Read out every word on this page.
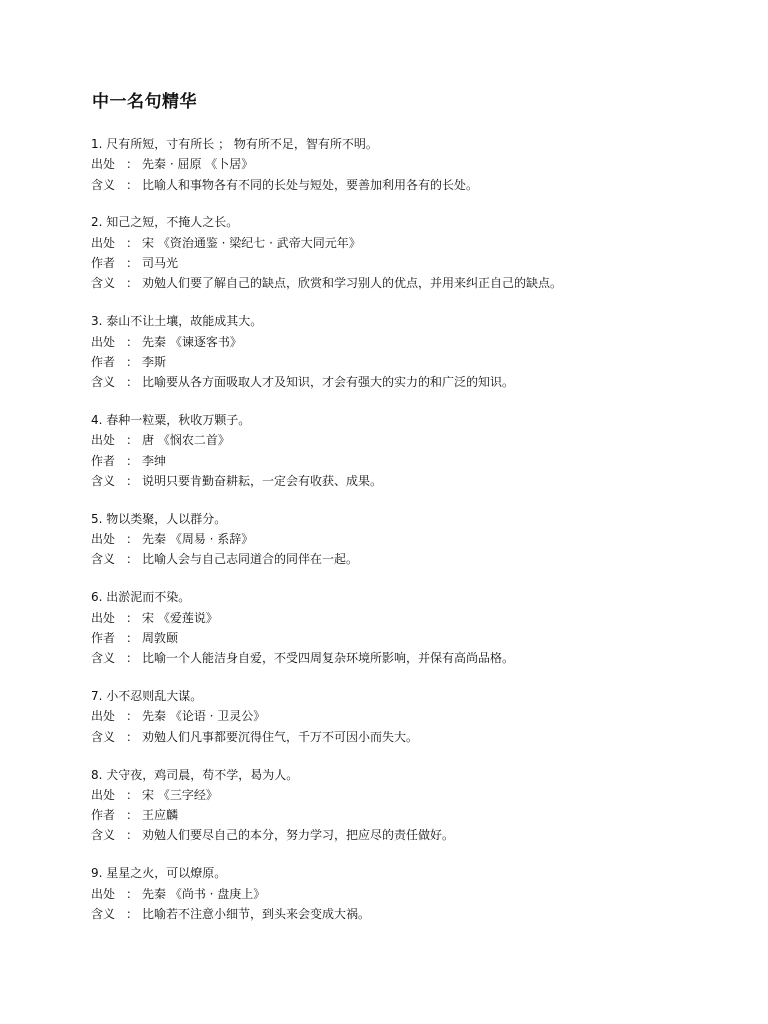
中一名句精华
1. 尺有所短，寸有所长 ； 物有所不足，智有所不明。
出处 ： 先秦 · 屈原 《卜居》
含义 ： 比喻人和事物各有不同的长处与短处，要善加利用各有的长处。
2. 知己之短，不掩人之长。
出处 ： 宋 《资治通鉴 · 梁纪七 · 武帝大同元年》
作者 ： 司马光
含义 ： 劝勉人们要了解自己的缺点，欣赏和学习别人的优点，并用来纠正自己的缺点。
3. 泰山不让土壤，故能成其大。
出处 ： 先秦 《谏逐客书》
作者 ： 李斯
含义 ： 比喻要从各方面吸取人才及知识，才会有强大的实力的和广泛的知识。
4. 春种一粒粟，秋收万颗子。
出处 ： 唐 《悯农二首》
作者 ： 李绅
含义 ： 说明只要肯勤奋耕耘，一定会有收获、成果。
5. 物以类聚，人以群分。
出处 ： 先秦 《周易 · 系辞》
含义 ： 比喻人会与自己志同道合的同伴在一起。
6. 出淤泥而不染。
出处 ： 宋 《爱莲说》
作者 ： 周敦颐
含义 ： 比喻一个人能洁身自爱，不受四周复杂环境所影响，并保有高尚品格。
7. 小不忍则乱大谋。
出处 ： 先秦 《论语 · 卫灵公》
含义 ： 劝勉人们凡事都要沉得住气，千万不可因小而失大。
8. 犬守夜，鸡司晨，苟不学，曷为人。
出处 ： 宋 《三字经》
作者 ： 王应麟
含义 ： 劝勉人们要尽自己的本分，努力学习，把应尽的责任做好。
9. 星星之火，可以燎原。
出处 ： 先秦 《尚书 · 盘庚上》
含义 ： 比喻若不注意小细节，到头来会变成大祸。
